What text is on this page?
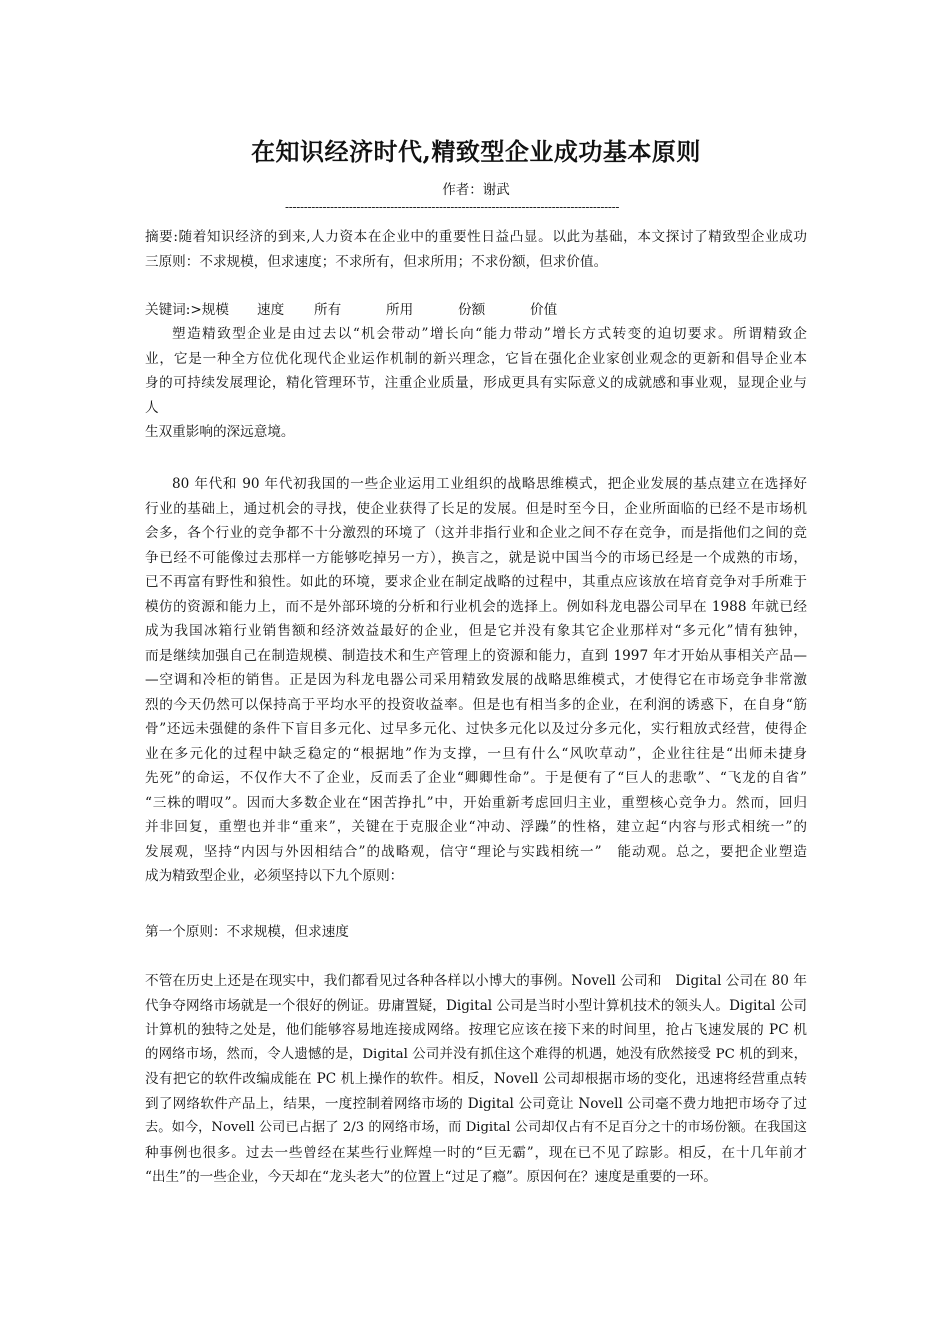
在知识经济时代,精致型企业成功基本原则
作者：谢武
-----------------------------------------------------------------------------------------
摘要:随着知识经济的到来,人力资本在企业中的重要性日益凸显。以此为基础，本文探讨了精致型企业成功
三原则：不求规模，但求速度；不求所有，但求所用；不求份额，但求价值。
关键词:>规模 速度 所有	所用	份额	价值
塑造精致型企业是由过去以“机会带动”增长向“能力带动”增长方式转变的迫切要求。所谓精致企
业，它是一种全方位优化现代企业运作机制的新兴理念，它旨在强化企业家创业观念的更新和倡导企业本
身的可持续发展理论，精化管理环节，注重企业质量，形成更具有实际意义的成就感和事业观，显现企业与
人
生双重影响的深远意境。
80 年代和 90 年代初我国的一些企业运用工业组织的战略思维模式，把企业发展的基点建立在选择好
行业的基础上，通过机会的寻找，使企业获得了长足的发展。但是时至今日，企业所面临的已经不是市场机
会多，各个行业的竞争都不十分激烈的环境了（这并非指行业和企业之间不存在竞争，而是指他们之间的竞
争已经不可能像过去那样一方能够吃掉另一方），换言之，就是说中国当今的市场已经是一个成熟的市场，
已不再富有野性和狼性。如此的环境，要求企业在制定战略的过程中，其重点应该放在培育竞争对手所难于
模仿的资源和能力上，而不是外部环境的分析和行业机会的选择上。例如科龙电器公司早在 1988 年就已经
成为我国冰箱行业销售额和经济效益最好的企业，但是它并没有象其它企业那样对“多元化”情有独钟，
而是继续加强自己在制造规模、制造技术和生产管理上的资源和能力，直到 1997 年才开始从事相关产品—
—空调和冷柜的销售。正是因为科龙电器公司采用精致发展的战略思维模式，才使得它在市场竞争非常激
烈的今天仍然可以保持高于平均水平的投资收益率。但是也有相当多的企业，在利润的诱惑下，在自身“筋
骨”还远未强健的条件下盲目多元化、过早多元化、过快多元化以及过分多元化，实行粗放式经营，使得企
业在多元化的过程中缺乏稳定的“根据地”作为支撑，一旦有什么“风吹草动”，企业往往是“出师未捷身
先死”的命运，不仅作大不了企业，反而丢了企业“卿卿性命”。于是便有了“巨人的悲歌”、“飞龙的自省”
“三株的喟叹”。因而大多数企业在“困苦挣扎”中，开始重新考虑回归主业，重塑核心竞争力。然而，回归
并非回复，重塑也并非“重来”，关键在于克服企业“冲动、浮躁”的性格，建立起“内容与形式相统一”的
发展观，坚持“内因与外因相结合”的战略观，信守“理论与实践相统一”　能动观。总之，要把企业塑造
成为精致型企业，必须坚持以下九个原则：
第一个原则：不求规模，但求速度
不管在历史上还是在现实中，我们都看见过各种各样以小博大的事例。Novell 公司和　Digital 公司在 80 年
代争夺网络市场就是一个很好的例证。毋庸置疑，Digital 公司是当时小型计算机技术的领头人。Digital 公司
计算机的独特之处是，他们能够容易地连接成网络。按理它应该在接下来的时间里，抢占飞速发展的 PC 机
的网络市场，然而，令人遗憾的是，Digital 公司并没有抓住这个难得的机遇，她没有欣然接受 PC 机的到来，
没有把它的软件改编成能在 PC 机上操作的软件。相反，Novell 公司却根据市场的变化，迅速将经营重点转
到了网络软件产品上，结果，一度控制着网络市场的 Digital 公司竟让 Novell 公司毫不费力地把市场夺了过
去。如今，Novell 公司已占据了 2/3 的网络市场，而 Digital 公司却仅占有不足百分之十的市场份额。在我国这
种事例也很多。过去一些曾经在某些行业辉煌一时的“巨无霸”，现在已不见了踪影。相反，在十几年前才
“出生”的一些企业，今天却在“龙头老大”的位置上“过足了瘾”。原因何在？速度是重要的一环。
